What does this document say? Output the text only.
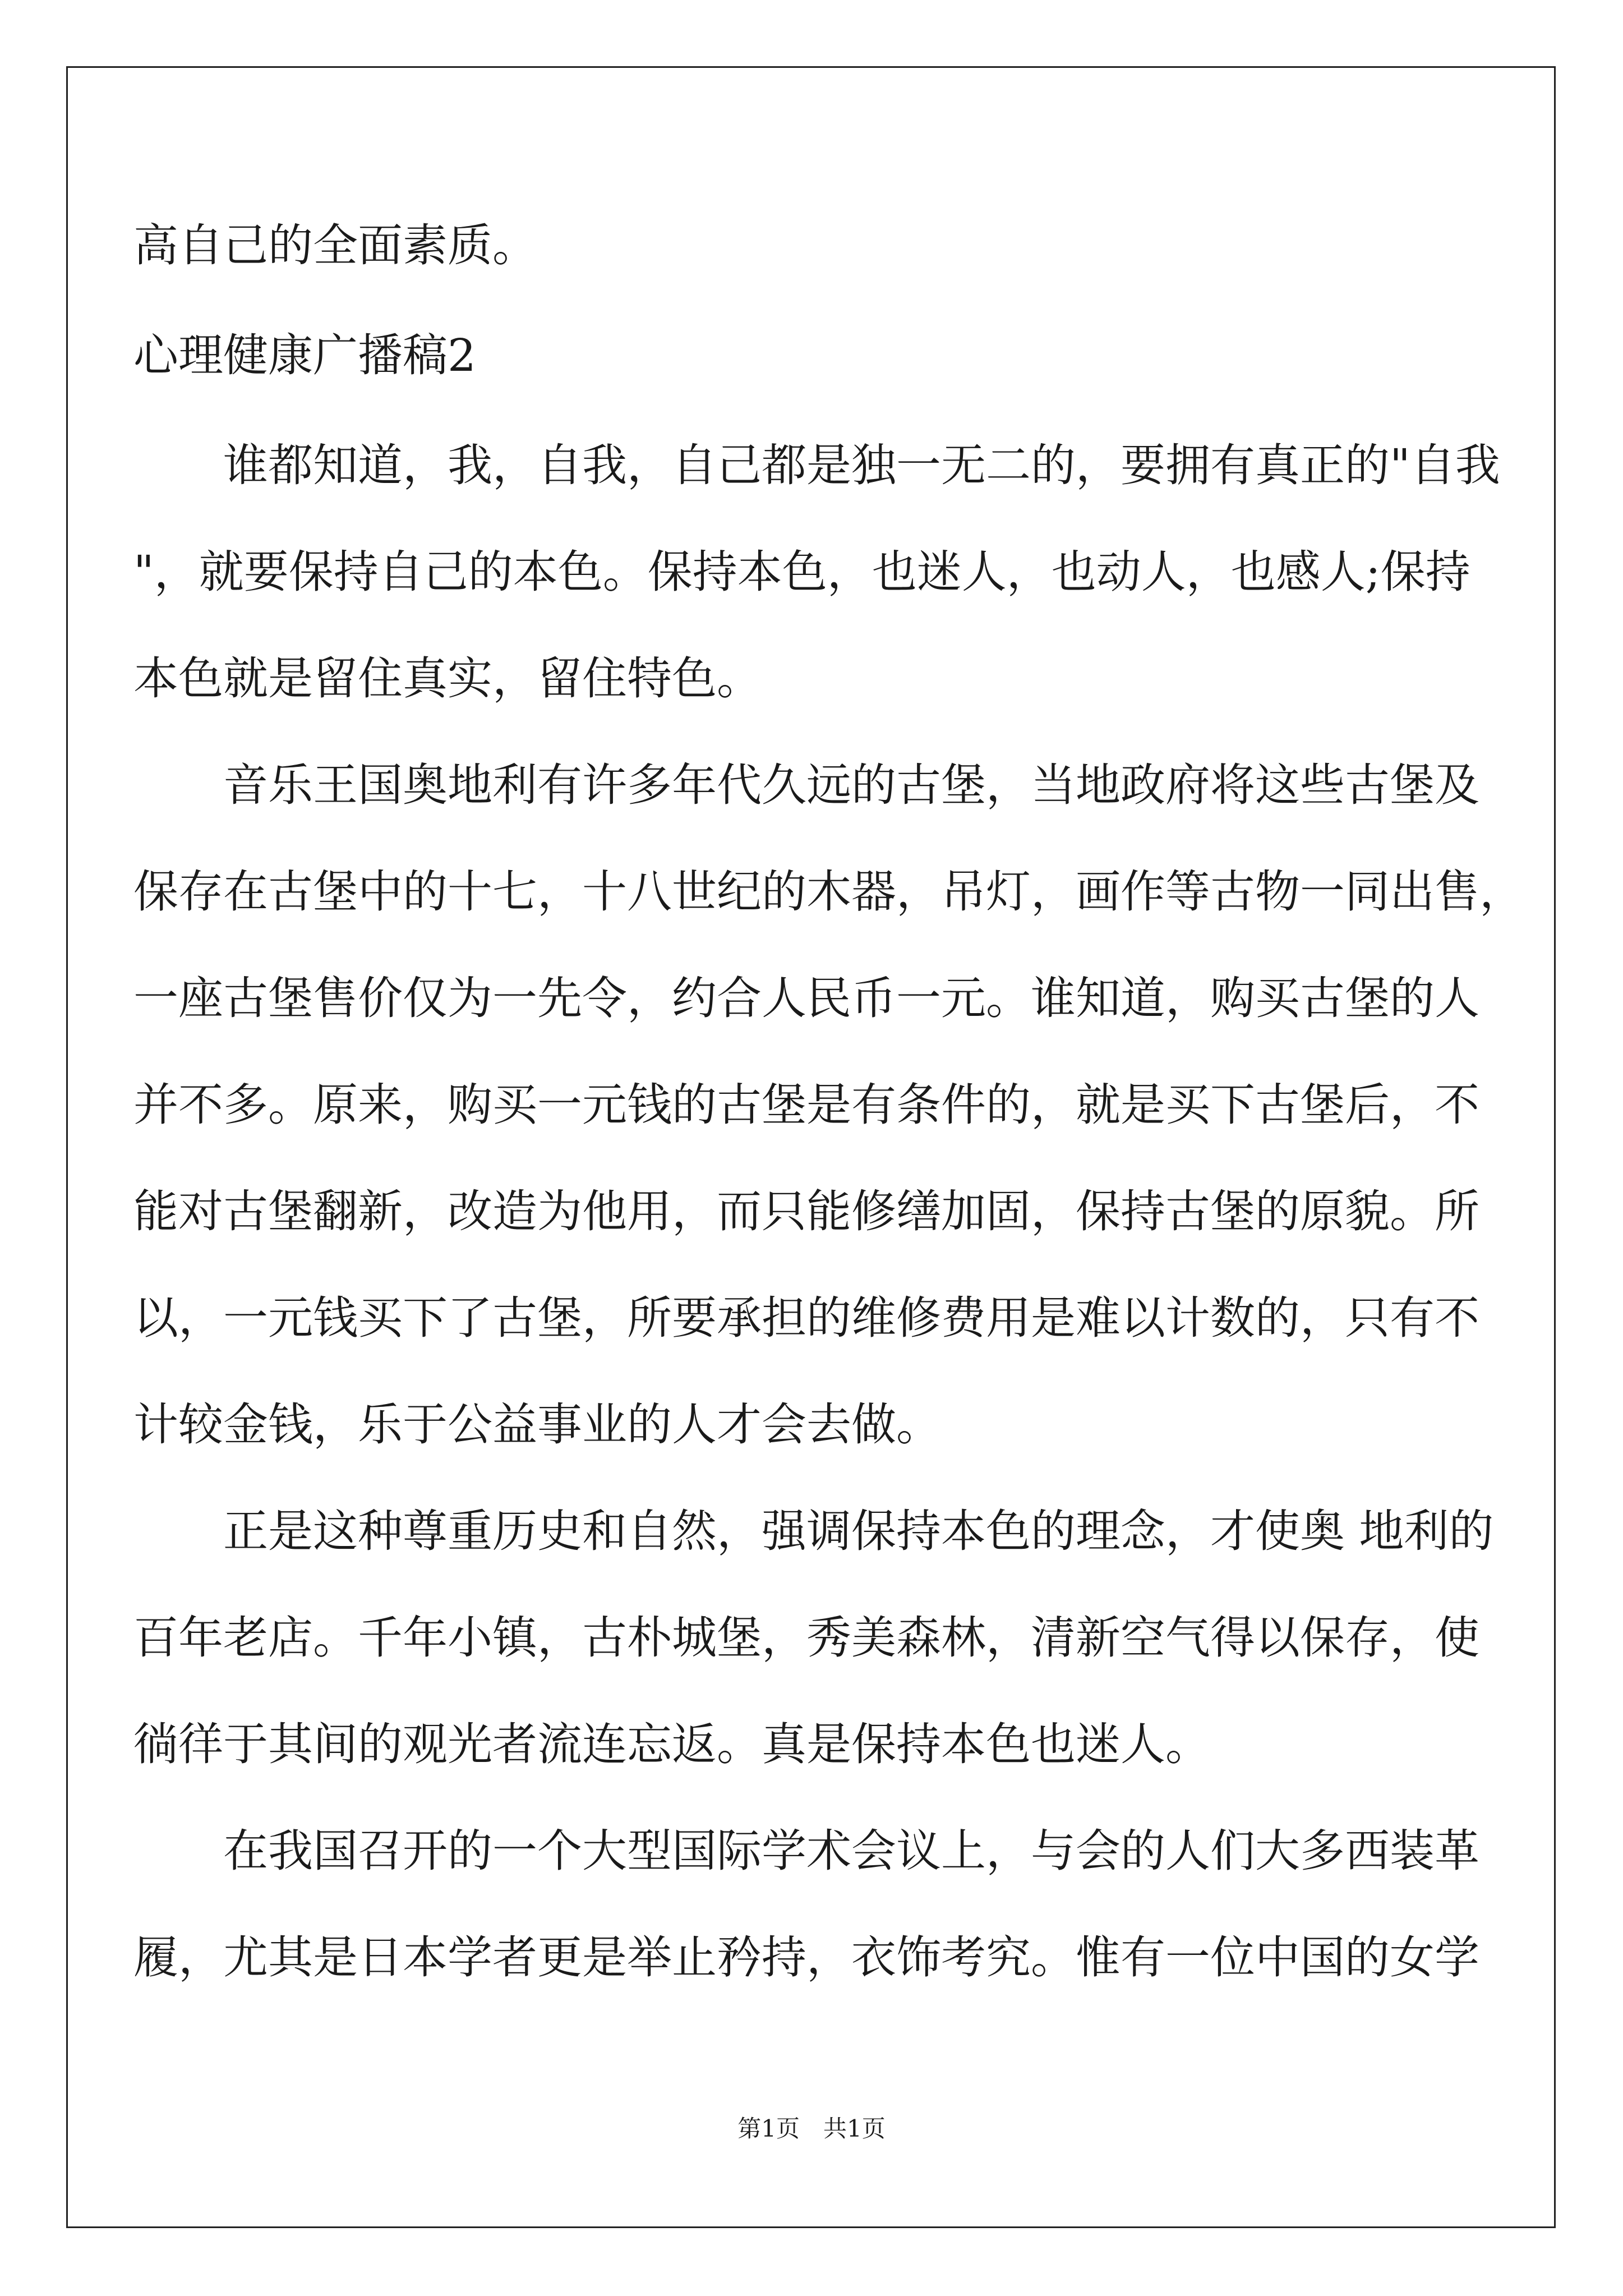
高自己的全面素质。
心理健康广播稿2
　　谁都知道，我，自我，自己都是独一无二的，要拥有真正的"自我
"，就要保持自己的本色。保持本色，也迷人，也动人，也感人;保持
本色就是留住真实，留住特色。
　　音乐王国奥地利有许多年代久远的古堡，当地政府将这些古堡及
保存在古堡中的十七，十八世纪的木器，吊灯，画作等古物一同出售，
一座古堡售价仅为一先令，约合人民币一元。谁知道，购买古堡的人
并不多。原来，购买一元钱的古堡是有条件的，就是买下古堡后，不
能对古堡翻新，改造为他用，而只能修缮加固，保持古堡的原貌。所
以，一元钱买下了古堡，所要承担的维修费用是难以计数的，只有不
计较金钱，乐于公益事业的人才会去做。
　　正是这种尊重历史和自然，强调保持本色的理念，才使奥 地利的
百年老店。千年小镇，古朴城堡，秀美森林，清新空气得以保存，使
徜徉于其间的观光者流连忘返。真是保持本色也迷人。
　　在我国召开的一个大型国际学术会议上，与会的人们大多西装革
履，尤其是日本学者更是举止矜持，衣饰考究。惟有一位中国的女学
第1页　共1页
